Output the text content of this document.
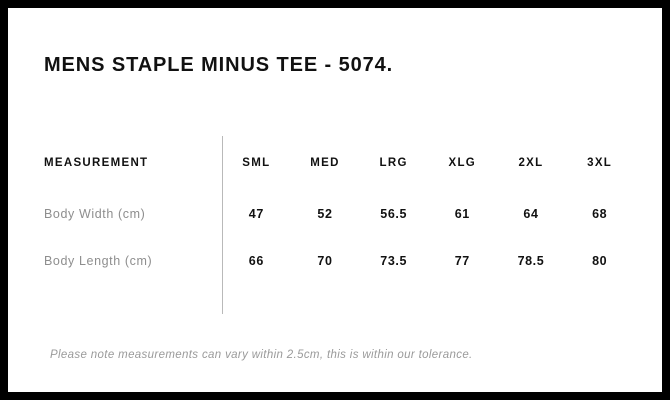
MENS STAPLE MINUS TEE - 5074.
MEASUREMENT	SML	MED	LRG	XLG	2XL	3XL
Body Width (cm)	47	52	56.5	61	64	68
Body Length (cm)	66	70	73.5	77	78.5	80
Please note measurements can vary within 2.5cm, this is within our tolerance.
